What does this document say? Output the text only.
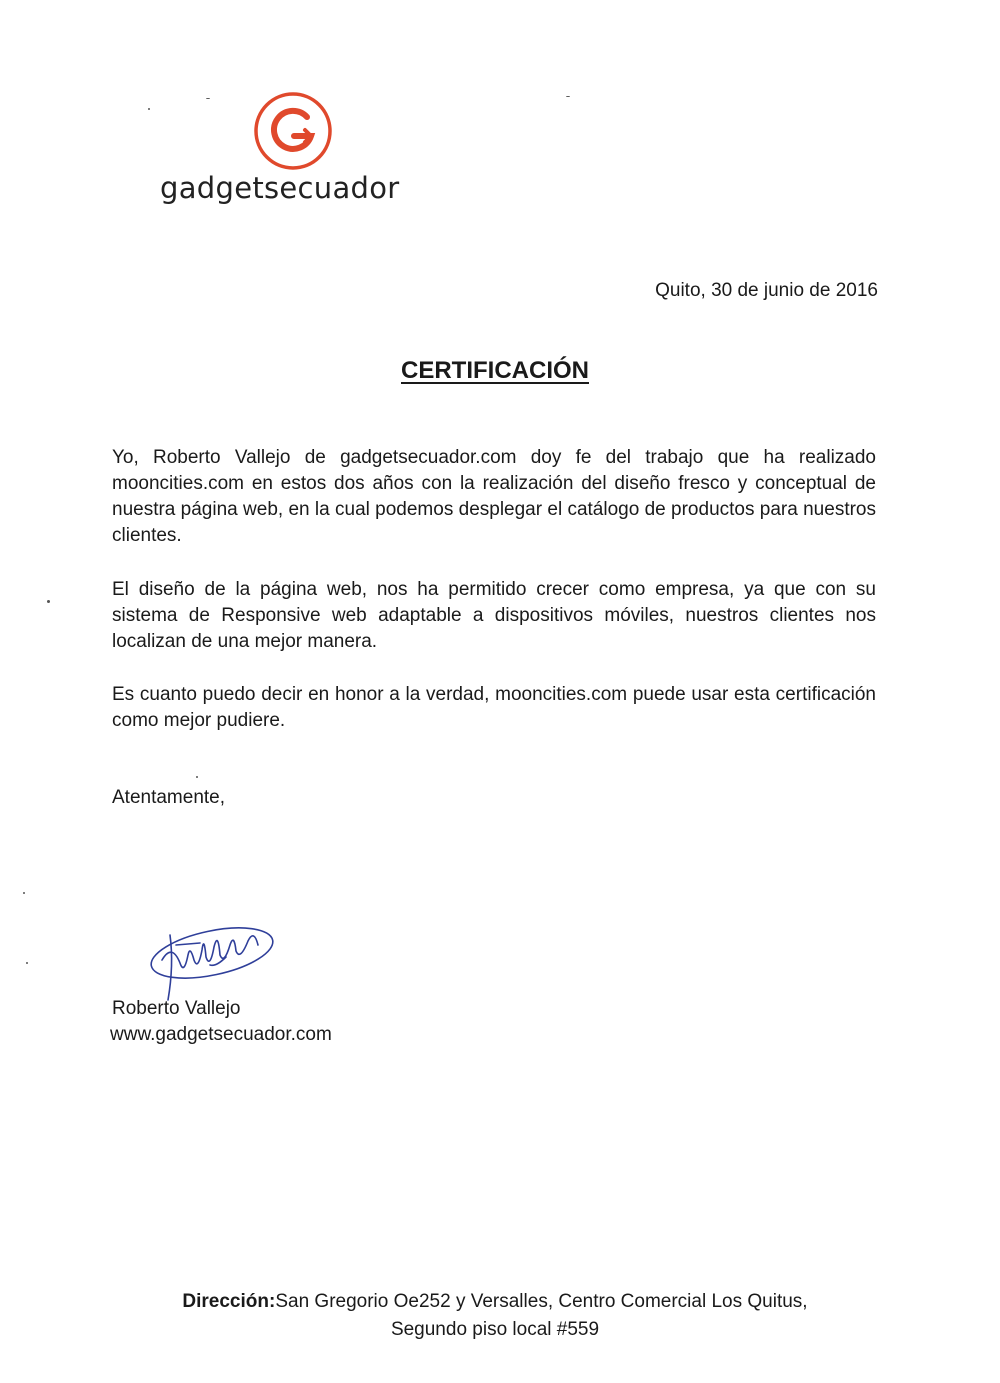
gadgetsecuador
Quito, 30 de junio de 2016
CERTIFICACIÓN

Yo, Roberto Vallejo de gadgetsecuador.com doy fe del trabajo que ha realizado mooncities.com en estos dos años con la realización del diseño fresco y conceptual de nuestra página web, en la cual podemos desplegar el catálogo de productos para nuestros clientes.

El diseño de la página web, nos ha permitido crecer como empresa, ya que con su sistema de Responsive web adaptable a dispositivos móviles, nuestros clientes nos localizan de una mejor manera.

Es cuanto puedo decir en honor a la verdad, mooncities.com puede usar esta certificación como mejor pudiere.

Atentamente,
Roberto Vallejo
www.gadgetsecuador.com
Dirección:San Gregorio Oe252 y Versalles, Centro Comercial Los Quitus,
Segundo piso local #559
